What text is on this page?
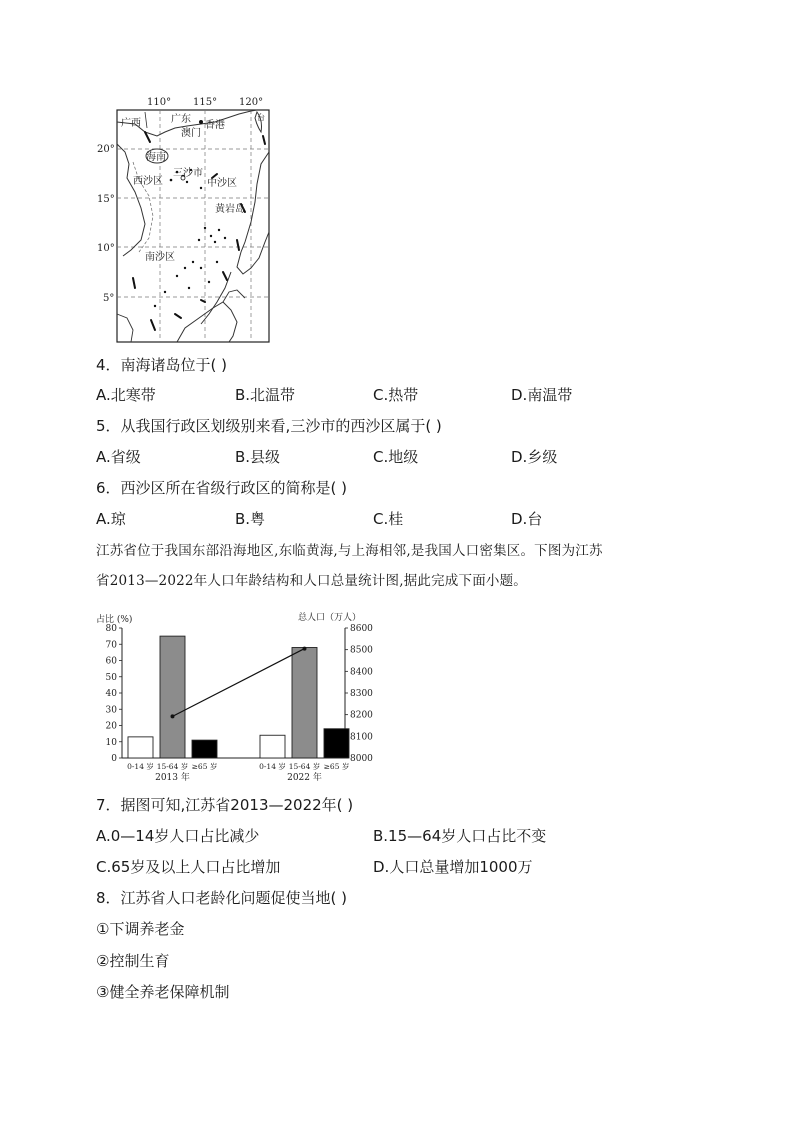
110° 115° 120°
20°
15°
10°
5°
广西	广东
香港
澳门
海南
三沙市
西沙区	中沙区
黄岩岛
南沙区
台
4．南海诸岛位于( )
A.北寒带	B.北温带	C.热带	D.南温带
5．从我国行政区划级别来看,三沙市的西沙区属于( )
A.省级	B.县级	C.地级	D.乡级
6．西沙区所在省级行政区的简称是( )
A.琼	B.粤	C.桂	D.台
江苏省位于我国东部沿海地区,东临黄海,与上海相邻,是我国人口密集区。下图为江苏
省2013—2022年人口年龄结构和人口总量统计图,据此完成下面小题。
占比 (%)	总人口（万人）
0
10
20
30
40
50
60
70
80
8000
8100
8200
8300
8400
8500
8600
0-14 岁 15-64 岁 ≥65 岁
2013 年
0-14 岁 15-64 岁 ≥65 岁
2022 年
7．据图可知,江苏省2013—2022年( )
A.0—14岁人口占比减少	B.15—64岁人口占比不变
C.65岁及以上人口占比增加	D.人口总量增加1000万
8．江苏省人口老龄化问题促使当地( )
①下调养老金
②控制生育
③健全养老保障机制
